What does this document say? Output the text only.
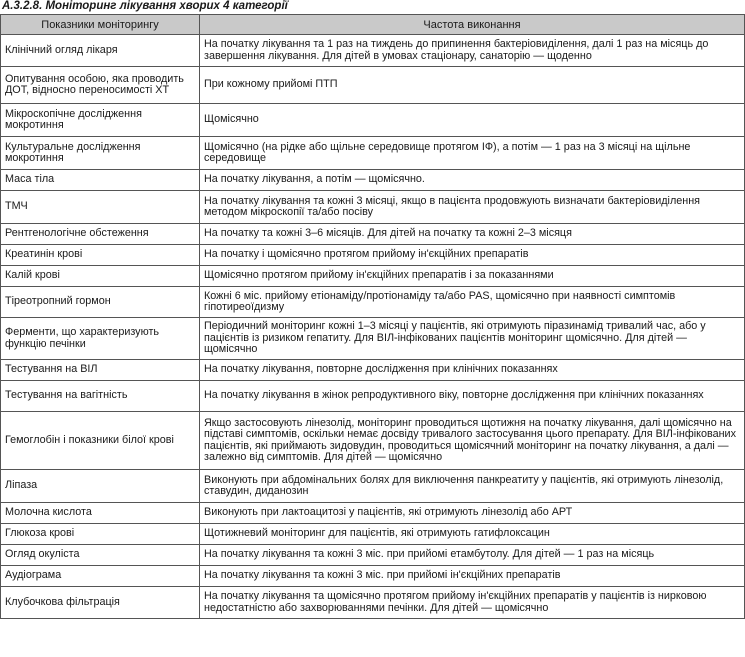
А.3.2.8. Моніторинг лікування хворих 4 категорії
Показники моніторингу	Частота виконання
Клінічний огляд лікаря	На початку лікування та 1 раз на тиждень до припинення бактеріовиділення, далі 1 раз на місяць до завершення лікування. Для дітей в умовах стаціонару, санаторію — щоденно
Опитування особою, яка проводить ДОТ, відносно переносимості ХТ	При кожному прийомі ПТП
Мікроскопічне дослідження мокротиння	Щомісячно
Культуральне дослідження мокротиння	Щомісячно (на рідке або щільне середовище протягом IФ), а потім — 1 раз на 3 місяці на щільне середовище
Маса тіла	На початку лікування, а потім — щомісячно.
ТМЧ	На початку лікування та кожні 3 місяці, якщо в пацієнта продовжують визначати бактеріовиділення методом мікроскопії та/або посіву
Рентгенологічне обстеження	На початку та кожні 3–6 місяців. Для дітей на початку та кожні 2–3 місяця
Креатинін крові	На початку і щомісячно протягом прийому ін'єкційних препаратів
Калій крові	Щомісячно протягом прийому ін'єкційних препаратів і за показаннями
Тіреотропний гормон	Кожні 6 міс. прийому етіонаміду/протіонаміду та/або PAS, щомісячно при наявності симптомів гіпотиреоїдизму
Ферменти, що характеризують функцію печінки	Періодичний моніторинг кожні 1–3 місяці у пацієнтів, які отримують піразинамід тривалий час, або у пацієнтів із ризиком гепатиту. Для ВІЛ-інфікованих пацієнтів моніторинг щомісячно. Для дітей — щомісячно
Тестування на ВІЛ	На початку лікування, повторне дослідження при клінічних показаннях
Тестування на вагітність	На початку лікування в жінок репродуктивного віку, повторне дослідження при клінічних показаннях
Гемоглобін і показники білої крові	Якщо застосовують лінезолід, моніторинг проводиться щотижня на початку лікування, далі щомісячно на підставі симптомів, оскільки немає досвіду тривалого застосування цього препарату. Для ВІЛ-інфікованих пацієнтів, які приймають зидовудин, проводиться щомісячний моніторинг на початку лікування, а далі — залежно від симптомів. Для дітей — щомісячно
Ліпаза	Виконують при абдомінальних болях для виключення панкреатиту у пацієнтів, які отримують лінезолід, ставудин, диданозин
Молочна кислота	Виконують при лактоацитозі у пацієнтів, які отримують лінезолід або АРТ
Глюкоза крові	Щотижневий моніторинг для пацієнтів, які отримують гатифлоксацин
Огляд окуліста	На початку лікування та кожні 3 міс. при прийомі етамбутолу. Для дітей — 1 раз на місяць
Аудіограма	На початку лікування та кожні 3 міс. при прийомі ін'єкційних препаратів
Клубочкова фільтрація	На початку лікування та щомісячно протягом прийому ін'єкційних препаратів у пацієнтів із нирковою недостатністю або захворюваннями печінки. Для дітей — щомісячно
